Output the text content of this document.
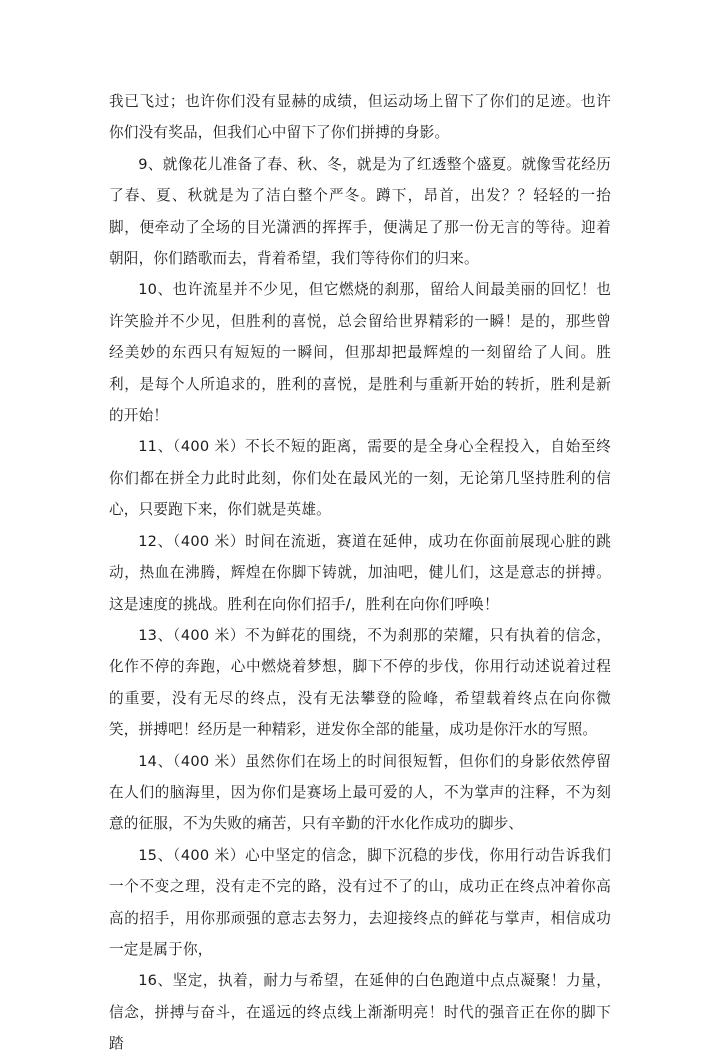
我已飞过；也许你们没有显赫的成绩，但运动场上留下了你们的足迹。也许你们没有奖品，但我们心中留下了你们拼搏的身影。

9、就像花儿准备了春、秋、冬，就是为了红透整个盛夏。就像雪花经历了春、夏、秋就是为了洁白整个严冬。蹲下，昂首，出发？？轻轻的一抬脚，便牵动了全场的目光潇洒的挥挥手，便满足了那一份无言的等待。迎着朝阳，你们踏歌而去，背着希望，我们等待你们的归来。

10、也许流星并不少见，但它燃烧的刹那，留给人间最美丽的回忆！也许笑脸并不少见，但胜利的喜悦，总会留给世界精彩的一瞬！是的，那些曾经美妙的东西只有短短的一瞬间，但那却把最辉煌的一刻留给了人间。胜利，是每个人所追求的，胜利的喜悦，是胜利与重新开始的转折，胜利是新的开始！

11、（400 米）不长不短的距离，需要的是全身心全程投入，自始至终你们都在拼全力此时此刻，你们处在最风光的一刻，无论第几坚持胜利的信心，只要跑下来，你们就是英雄。

12、（400 米）时间在流逝，赛道在延伸，成功在你面前展现心脏的跳动，热血在沸腾，辉煌在你脚下铸就，加油吧，健儿们，这是意志的拼搏。这是速度的挑战。胜利在向你们招手/，胜利在向你们呼唤！

13、（400 米）不为鲜花的围绕，不为刹那的荣耀，只有执着的信念，化作不停的奔跑，心中燃烧着梦想，脚下不停的步伐，你用行动述说着过程的重要，没有无尽的终点，没有无法攀登的险峰，希望载着终点在向你微笑，拼搏吧！经历是一种精彩，迸发你全部的能量，成功是你汗水的写照。

14、（400 米）虽然你们在场上的时间很短暂，但你们的身影依然停留在人们的脑海里，因为你们是赛场上最可爱的人，不为掌声的注释，不为刻意的征服，不为失败的痛苦，只有辛勤的汗水化作成功的脚步、

15、（400 米）心中坚定的信念，脚下沉稳的步伐，你用行动告诉我们一个不变之理，没有走不完的路，没有过不了的山，成功正在终点冲着你高高的招手，用你那顽强的意志去努力，去迎接终点的鲜花与掌声，相信成功一定是属于你，

16、坚定，执着，耐力与希望，在延伸的白色跑道中点点凝聚！力量，信念，拼搏与奋斗，在遥远的终点线上渐渐明亮！时代的强音正在你的脚下踏
